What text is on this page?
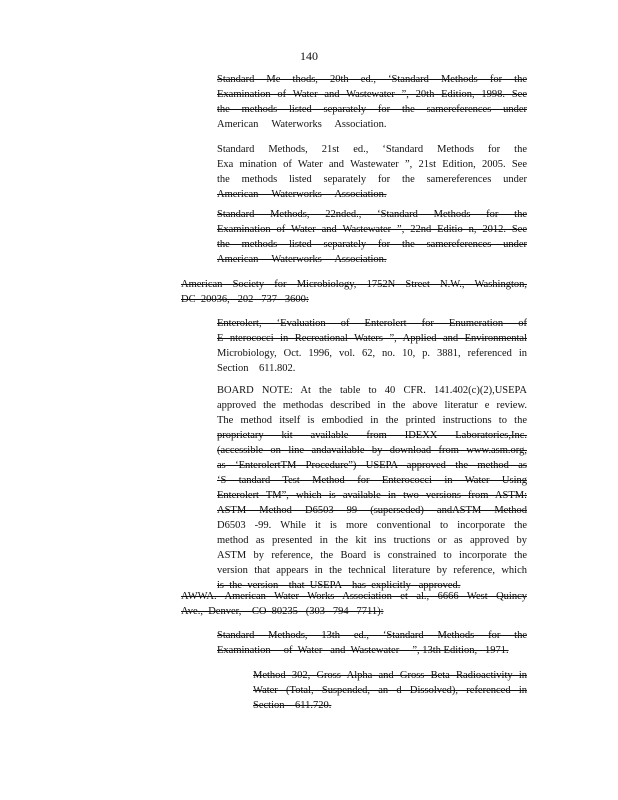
140
Standard Me thods, 20th ed., ‘Standard Methods for the
Examination of Water and Wastewater ”, 20th Edition, 1998. See
the methods listed separately for the samereferences under
American     Waterworks     Association.
Standard Methods, 21st ed., ‘Standard Methods for the
Exa mination of Water and Wastewater ”, 21st Edition, 2005. See
the methods listed separately for the samereferences under
American     Waterworks     Association.
Standard Methods, 22nded., ‘Standard Methods for the
Examination of Water and Wastewater ”, 22nd Editio n, 2012. See
the methods listed separately for the samereferences under
American     Waterworks     Association.
American Society for Microbiology, 1752N Street N.W., Washington,
DC  20036,   202   737   3600:
Enterolert, ‘Evaluation of Enterolert for Enumeration of
E nterococci in Recreational Waters ”, Applied and Environmental
Microbiology, Oct. 1996, vol. 62, no. 10, p. 3881, referenced in
Section    611.802.
BOARD NOTE: At the table to 40 CFR. 141.402(c)(2),USEPA
approved the methodas described in the above literatur e review.
The method itself is embodied in the printed instructions to the
proprietary kit available from IDEXX Laboratories,Inc.
(accessible on line andavailable by download from www.asm.org,
as ‘EnterolertTM Procedure”) USEPA approved the method as
‘S tandard Test Method for Enterococci in Water Using
Enterolert TM”, which is available in two versions from ASTM:
ASTM Method D6503 99 (superseded) andASTM Method
D6503 -99. While it is more conventional to incorporate the
method as presented in the kit ins tructions or as approved by
ASTM by reference, the Board is constrained to incorporate the
version that appears in the technical literature by reference, which
is  the  version    that  USEPA    has  explicitly   approved.
AWWA. American Water Works Association et al., 6666 West Quincy
Ave.,  Denver,    CO  80235   (303   794   7711):
Standard Methods, 13th ed., ‘Standard Methods for the
Examination     of  Water   and  Wastewater     ”, 13th Edition,   1971.
Method 302, Gross Alpha and Gross Beta Radioactivity in
Water (Total, Suspended, an d Dissolved), referenced in
Section    611.720.
